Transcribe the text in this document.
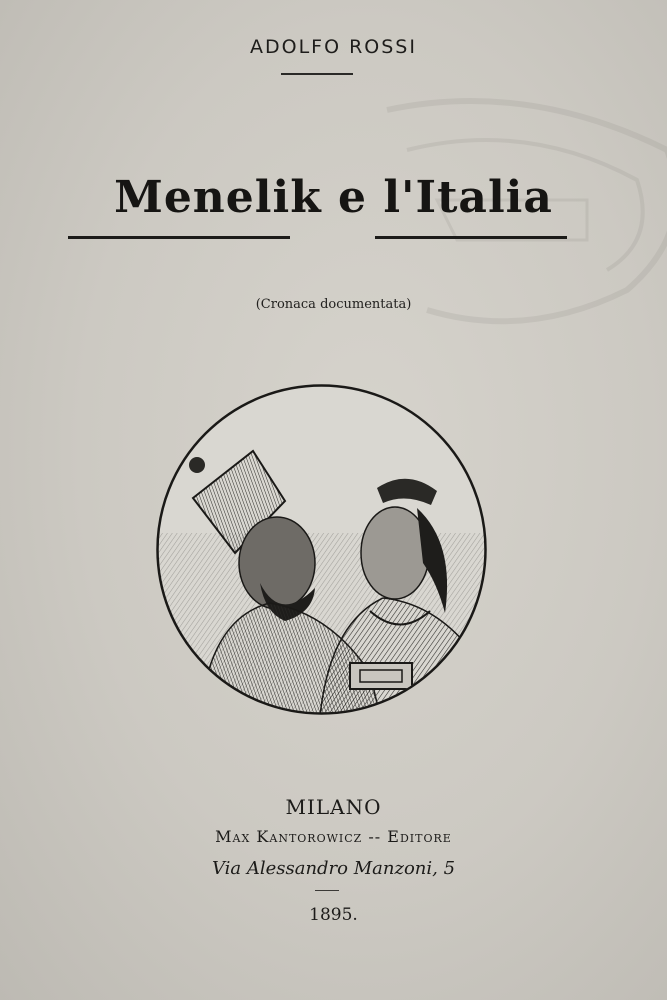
ADOLFO ROSSI
Menelik e l'Italia
(Cronaca documentata)
MILANO
Max Kantorowicz -- Editore
Via Alessandro Manzoni, 5
1895.
